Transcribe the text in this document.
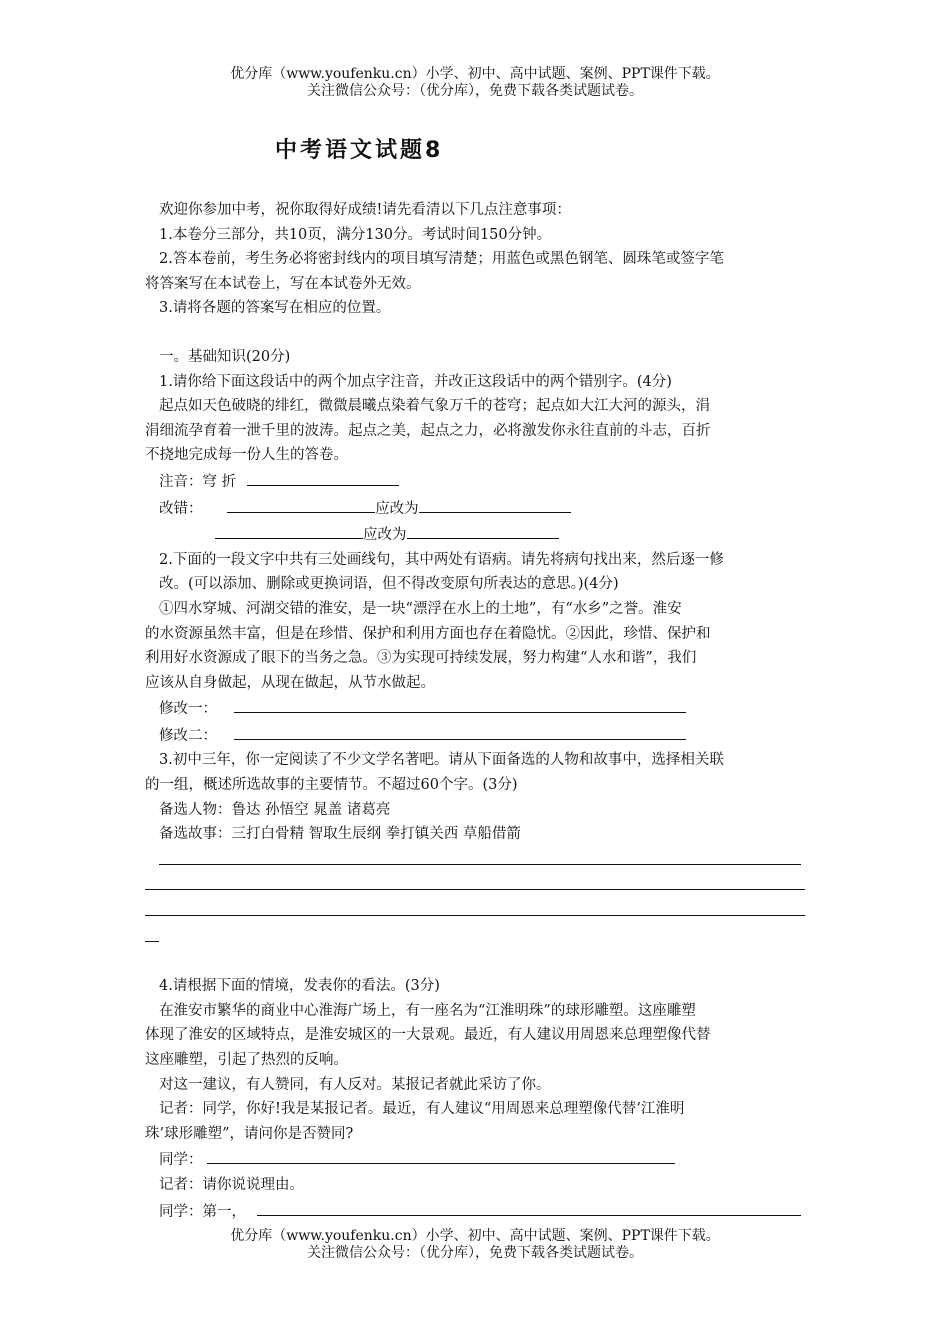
优分库（www.youfenku.cn）小学、初中、高中试题、案例、PPT课件下载。
关注微信公众号：（优分库），免费下载各类试题试卷。
中考语文试题8

欢迎你参加中考，祝你取得好成绩!请先看清以下几点注意事项：

1.本卷分三部分，共10页，满分130分。考试时间150分钟。

2.答本卷前，考生务必将密封线内的项目填写清楚；用蓝色或黑色钢笔、圆珠笔或签字笔

将答案写在本试卷上，写在本试卷外无效。

3.请将各题的答案写在相应的位置。

一。基础知识(20分)

1.请你给下面这段话中的两个加点字注音，并改正这段话中的两个错别字。(4分)

起点如天色破晓的绯红，微微晨曦点染着气象万千的苍穹；起点如大江大河的源头，涓

涓细流孕育着一泄千里的波涛。起点之美，起点之力，必将激发你永往直前的斗志，百折

不挠地完成每一份人生的答卷。

注音：穹 折

改错：	应改为

应改为

2.下面的一段文字中共有三处画线句，其中两处有语病。请先将病句找出来，然后逐一修

改。(可以添加、删除或更换词语，但不得改变原句所表达的意思。)(4分)

①四水穿城、河湖交错的淮安，是一块“漂浮在水上的土地”，有“水乡”之誉。淮安

的水资源虽然丰富，但是在珍惜、保护和利用方面也存在着隐忧。②因此，珍惜、保护和

利用好水资源成了眼下的当务之急。③为实现可持续发展，努力构建“人水和谐”，我们

应该从自身做起，从现在做起，从节水做起。

修改一：

修改二：

3.初中三年，你一定阅读了不少文学名著吧。请从下面备选的人物和故事中，选择相关联

的一组，概述所选故事的主要情节。不超过60个字。(3分)

备选人物：鲁达 孙悟空 晁盖 诸葛亮

备选故事：三打白骨精 智取生辰纲 拳打镇关西 草船借箭

4.请根据下面的情境，发表你的看法。(3分)

在淮安市繁华的商业中心淮海广场上，有一座名为“江淮明珠”的球形雕塑。这座雕塑

体现了淮安的区域特点，是淮安城区的一大景观。最近，有人建议用周恩来总理塑像代替

这座雕塑，引起了热烈的反响。

对这一建议，有人赞同，有人反对。某报记者就此采访了你。

记者：同学，你好!我是某报记者。最近，有人建议“用周恩来总理塑像代替‘江淮明

珠’球形雕塑”，请问你是否赞同?

同学：

记者：请你说说理由。

同学：第一，

优分库（www.youfenku.cn）小学、初中、高中试题、案例、PPT课件下载。
关注微信公众号：（优分库），免费下载各类试题试卷。
